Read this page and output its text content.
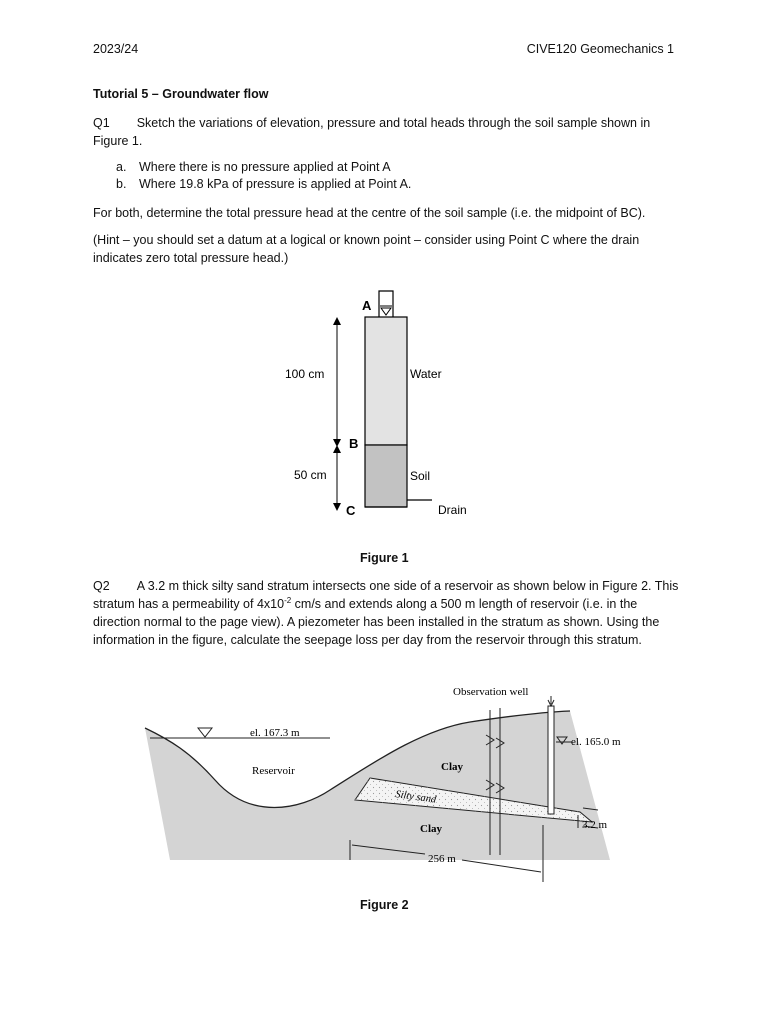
2023/24	CIVE120 Geomechanics 1
Tutorial 5 – Groundwater flow
Q1 Sketch the variations of elevation, pressure and total heads through the soil sample shown in Figure 1.
a. Where there is no pressure applied at Point A
b. Where 19.8 kPa of pressure is applied at Point A.
For both, determine the total pressure head at the centre of the soil sample (i.e. the midpoint of BC).
(Hint – you should set a datum at a logical or known point – consider using Point C where the drain indicates zero total pressure head.)
A
B
C
100 cm
50 cm
Water
Soil
Drain
Figure 1
Q2 A 3.2 m thick silty sand stratum intersects one side of a reservoir as shown below in Figure 2. This stratum has a permeability of $4x10^{-2}$ cm/s and extends along a 500 m length of reservoir (i.e. in the direction normal to the page view). A piezometer has been installed in the stratum as shown. Using the information in the figure, calculate the seepage loss per day from the reservoir through this stratum.
Observation well
el. 167.3 m
el. 165.0 m
Reservoir	Clay
Silty sand
Clay
256 m
3.2 m
Figure 2
